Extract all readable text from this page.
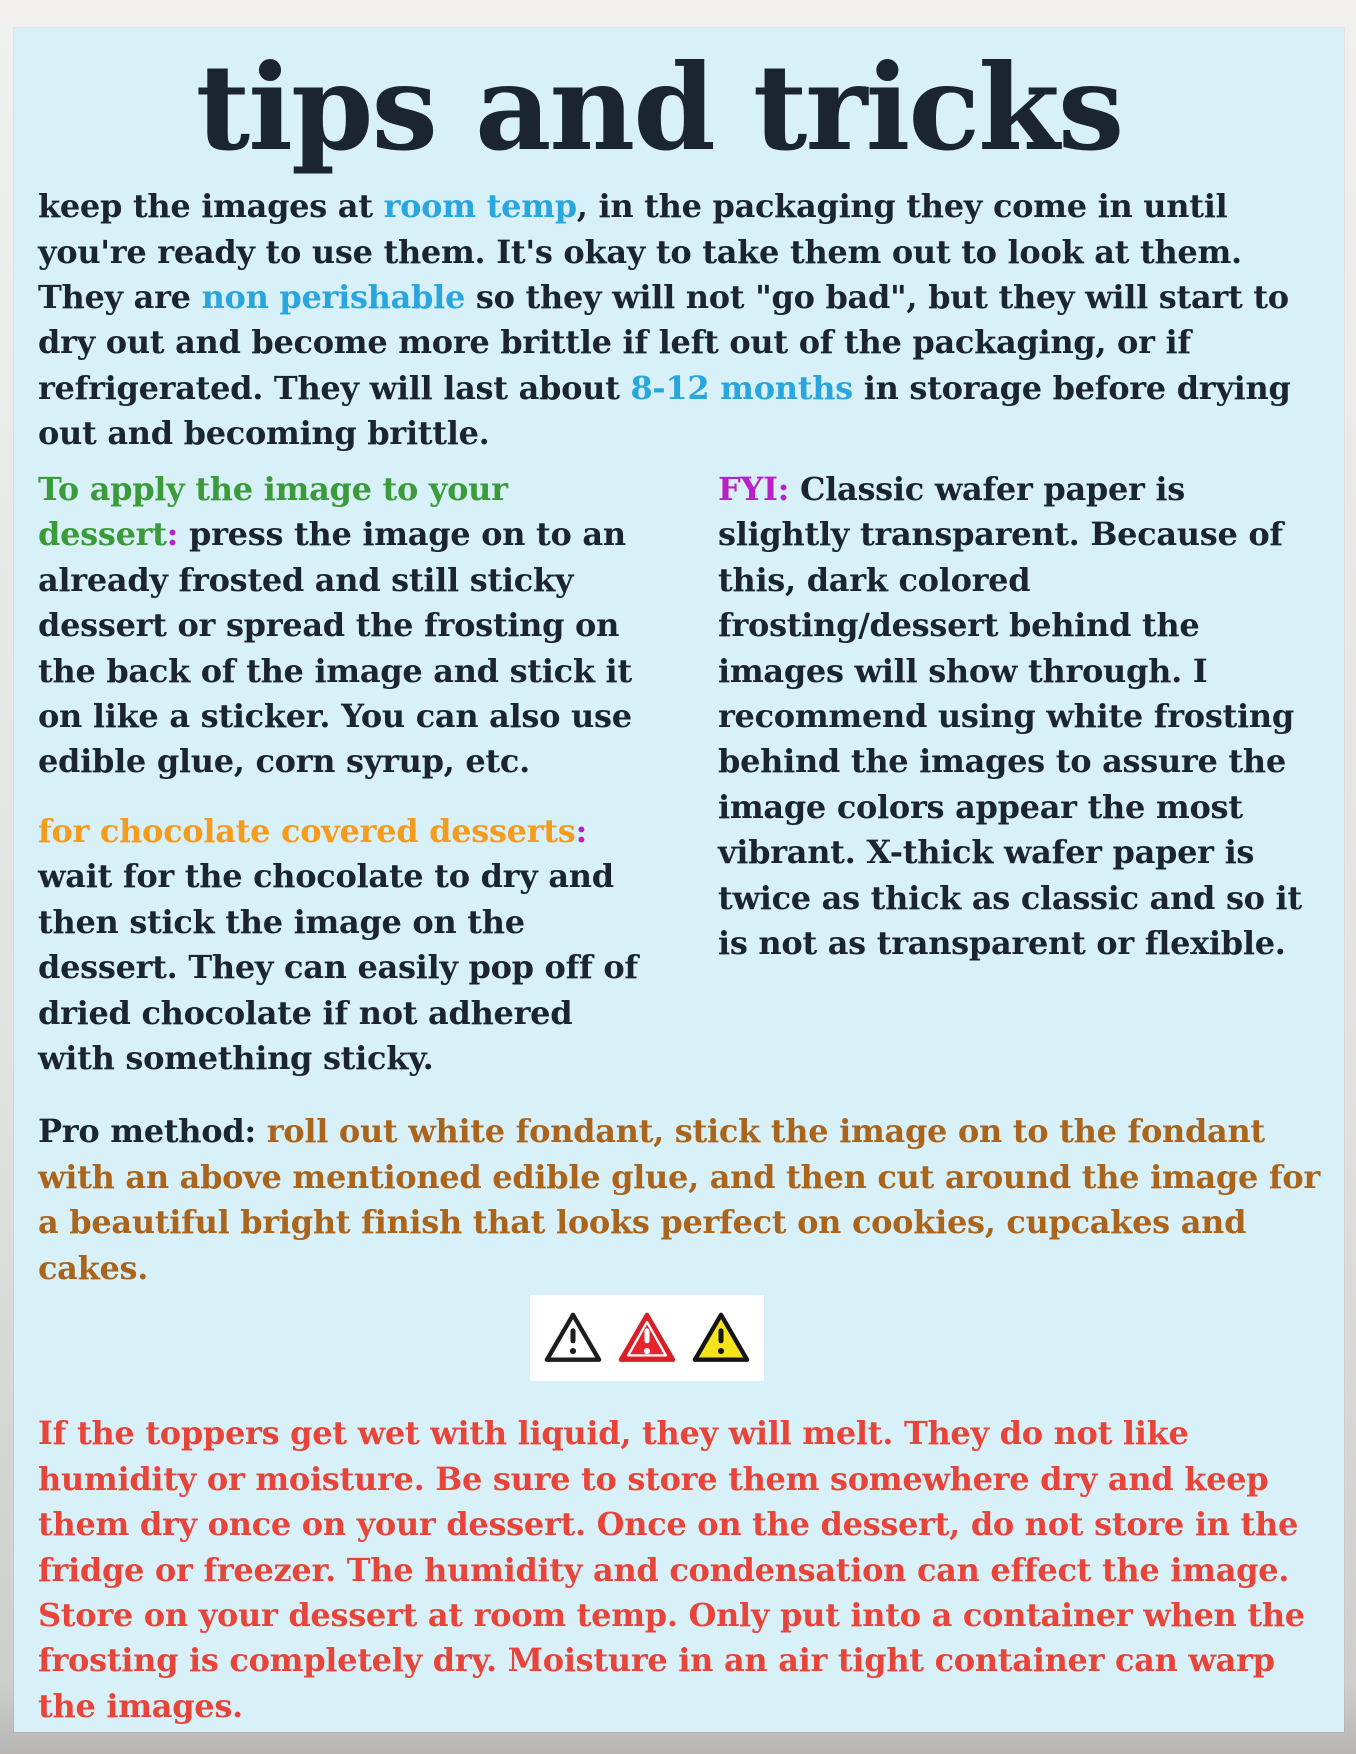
tips and tricks

keep the images at room temp, in the packaging they come in until you're ready to use them. It's okay to take them out to look at them. They are non perishable so they will not "go bad", but they will start to dry out and become more brittle if left out of the packaging, or if refrigerated. They will last about 8-12 months in storage before drying out and becoming brittle.

To apply the image to your dessert: press the image on to an already frosted and still sticky dessert or spread the frosting on the back of the image and stick it on like a sticker. You can also use edible glue, corn syrup, etc.

for chocolate covered desserts: wait for the chocolate to dry and then stick the image on the dessert. They can easily pop off of dried chocolate if not adhered with something sticky.

FYI: Classic wafer paper is slightly transparent. Because of this, dark colored frosting/dessert behind the images will show through. I recommend using white frosting behind the images to assure the image colors appear the most vibrant. X-thick wafer paper is twice as thick as classic and so it is not as transparent or flexible.

Pro method: roll out white fondant, stick the image on to the fondant with an above mentioned edible glue, and then cut around the image for a beautiful bright finish that looks perfect on cookies, cupcakes and cakes.

If the toppers get wet with liquid, they will melt. They do not like humidity or moisture. Be sure to store them somewhere dry and keep them dry once on your dessert. Once on the dessert, do not store in the fridge or freezer. The humidity and condensation can effect the image. Store on your dessert at room temp. Only put into a container when the frosting is completely dry. Moisture in an air tight container can warp the images.
